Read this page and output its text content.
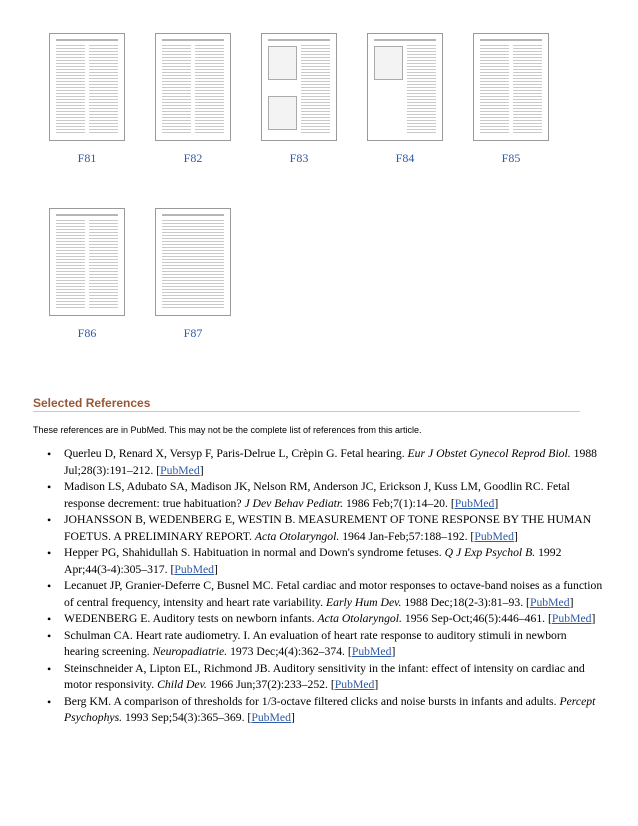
F81	F82	F83	F84	F85
F86	F87
Selected References
These references are in PubMed. This may not be the complete list of references from this article.
• Querleu D, Renard X, Versyp F, Paris-Delrue L, Crèpin G. Fetal hearing. Eur J Obstet Gynecol Reprod Biol. 1988 Jul;28(3):191–212. [PubMed]
• Madison LS, Adubato SA, Madison JK, Nelson RM, Anderson JC, Erickson J, Kuss LM, Goodlin RC. Fetal response decrement: true habituation? J Dev Behav Pediatr. 1986 Feb;7(1):14–20. [PubMed]
• JOHANSSON B, WEDENBERG E, WESTIN B. MEASUREMENT OF TONE RESPONSE BY THE HUMAN FOETUS. A PRELIMINARY REPORT. Acta Otolaryngol. 1964 Jan-Feb;57:188–192. [PubMed]
• Hepper PG, Shahidullah S. Habituation in normal and Down's syndrome fetuses. Q J Exp Psychol B. 1992 Apr;44(3-4):305–317. [PubMed]
• Lecanuet JP, Granier-Deferre C, Busnel MC. Fetal cardiac and motor responses to octave-band noises as a function of central frequency, intensity and heart rate variability. Early Hum Dev. 1988 Dec;18(2-3):81–93. [PubMed]
• WEDENBERG E. Auditory tests on newborn infants. Acta Otolaryngol. 1956 Sep-Oct;46(5):446–461. [PubMed]
• Schulman CA. Heart rate audiometry. I. An evaluation of heart rate response to auditory stimuli in newborn hearing screening. Neuropadiatrie. 1973 Dec;4(4):362–374. [PubMed]
• Steinschneider A, Lipton EL, Richmond JB. Auditory sensitivity in the infant: effect of intensity on cardiac and motor responsivity. Child Dev. 1966 Jun;37(2):233–252. [PubMed]
• Berg KM. A comparison of thresholds for 1/3-octave filtered clicks and noise bursts in infants and adults. Percept Psychophys. 1993 Sep;54(3):365–369. [PubMed]
